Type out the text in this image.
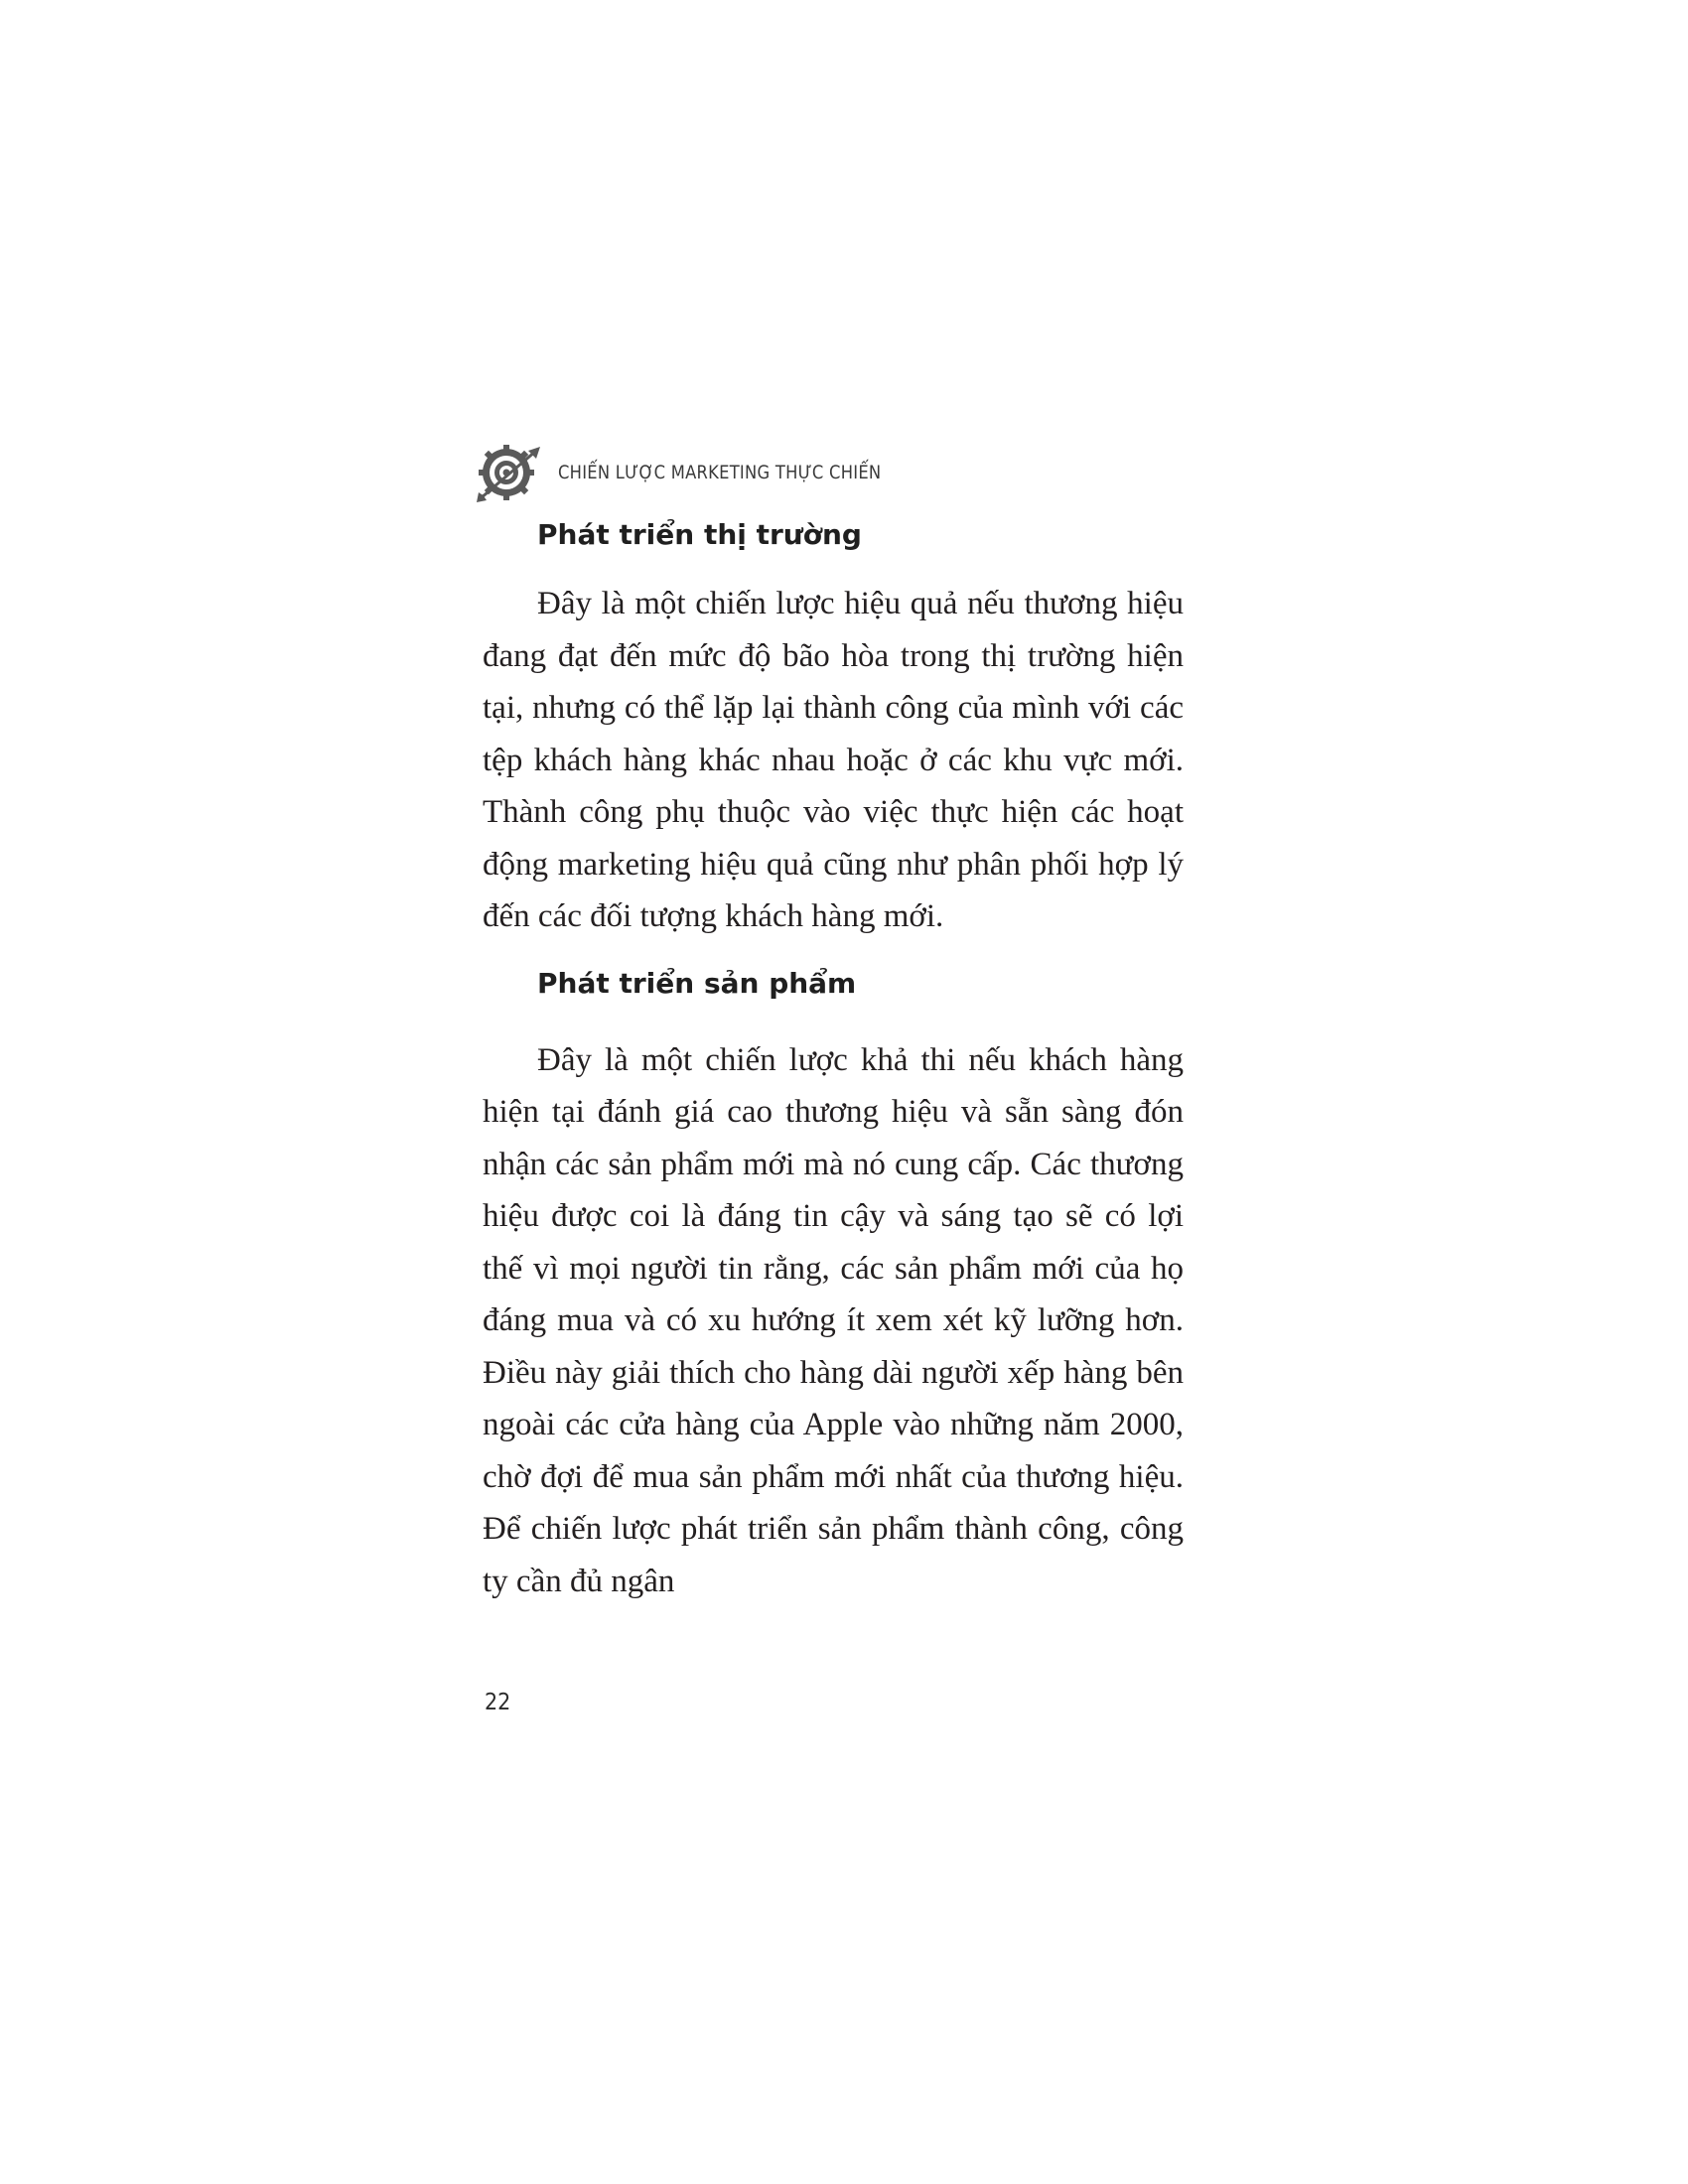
CHIẾN LƯỢC MARKETING THỰC CHIẾN
Phát triển thị trường

Đây là một chiến lược hiệu quả nếu thương hiệu đang đạt đến mức độ bão hòa trong thị trường hiện tại, nhưng có thể lặp lại thành công của mình với các tệp khách hàng khác nhau hoặc ở các khu vực mới. Thành công phụ thuộc vào việc thực hiện các hoạt động marketing hiệu quả cũng như phân phối hợp lý đến các đối tượng khách hàng mới.

Phát triển sản phẩm

Đây là một chiến lược khả thi nếu khách hàng hiện tại đánh giá cao thương hiệu và sẵn sàng đón nhận các sản phẩm mới mà nó cung cấp. Các thương hiệu được coi là đáng tin cậy và sáng tạo sẽ có lợi thế vì mọi người tin rằng, các sản phẩm mới của họ đáng mua và có xu hướng ít xem xét kỹ lưỡng hơn. Điều này giải thích cho hàng dài người xếp hàng bên ngoài các cửa hàng của Apple vào những năm 2000, chờ đợi để mua sản phẩm mới nhất của thương hiệu. Để chiến lược phát triển sản phẩm thành công, công ty cần đủ ngân

22
